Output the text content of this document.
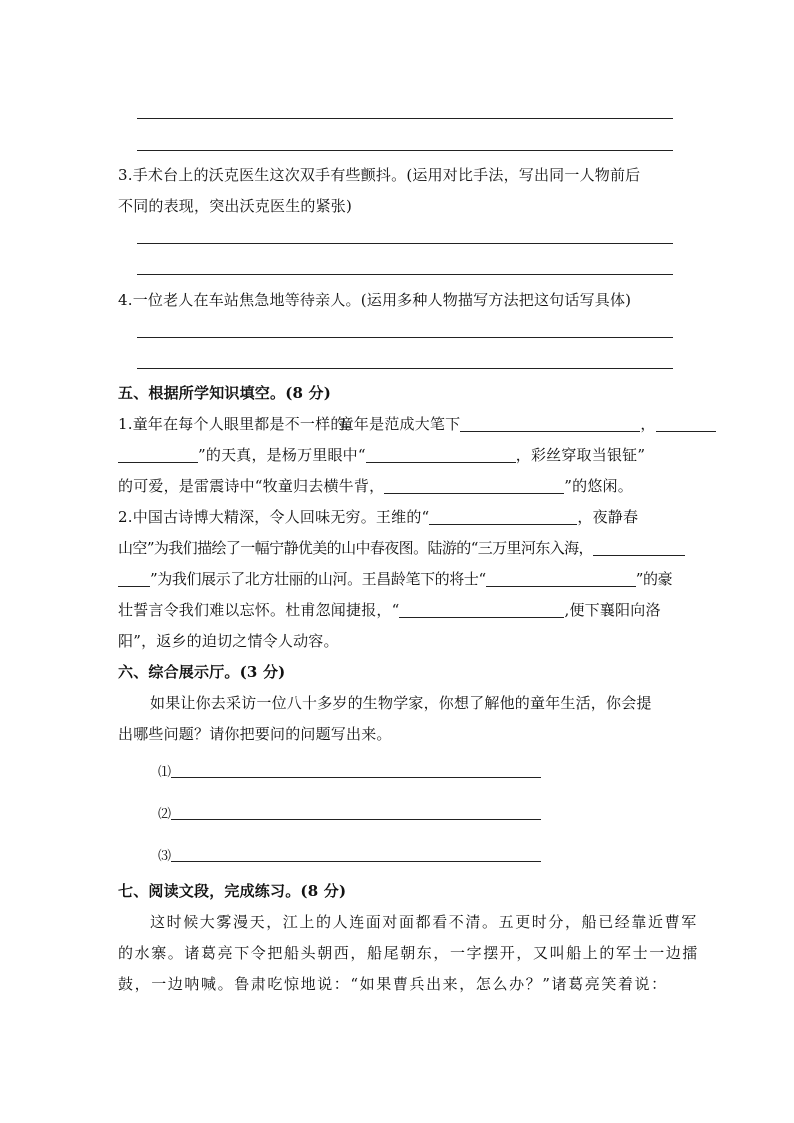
3.手术台上的沃克医生这次双手有些颤抖。(运用对比手法，写出同一人物前后
不同的表现，突出沃克医生的紧张)
4.一位老人在车站焦急地等待亲人。(运用多种人物描写方法把这句话写具体)
五、根据所学知识填空。(8 分)
1.童年在每个人眼里都是不一样的。童年是范成大笔下	，
”的天真，是杨万里眼中“	，彩丝穿取当银钲”
的可爱，是雷震诗中“牧童归去横牛背，	”的悠闲。
2.中国古诗博大精深，令人回味无穷。王维的“	，夜静春
山空”为我们描绘了一幅宁静优美的山中春夜图。陆游的“三万里河东入海，
”为我们展示了北方壮丽的山河。王昌龄笔下的将士“	”的豪
壮誓言令我们难以忘怀。杜甫忽闻捷报，“	,便下襄阳向洛
阳”，返乡的迫切之情令人动容。
六、综合展示厅。(3 分)
如果让你去采访一位八十多岁的生物学家，你想了解他的童年生活，你会提
出哪些问题？请你把要问的问题写出来。
⑴
⑵
⑶
七、阅读文段，完成练习。(8 分)
这时候大雾漫天，江上的人连面对面都看不清。五更时分，船已经靠近曹军
的水寨。诸葛亮下令把船头朝西，船尾朝东，一字摆开，又叫船上的军士一边擂
鼓，一边呐喊。鲁肃吃惊地说：“如果曹兵出来，怎么办？”诸葛亮笑着说：
